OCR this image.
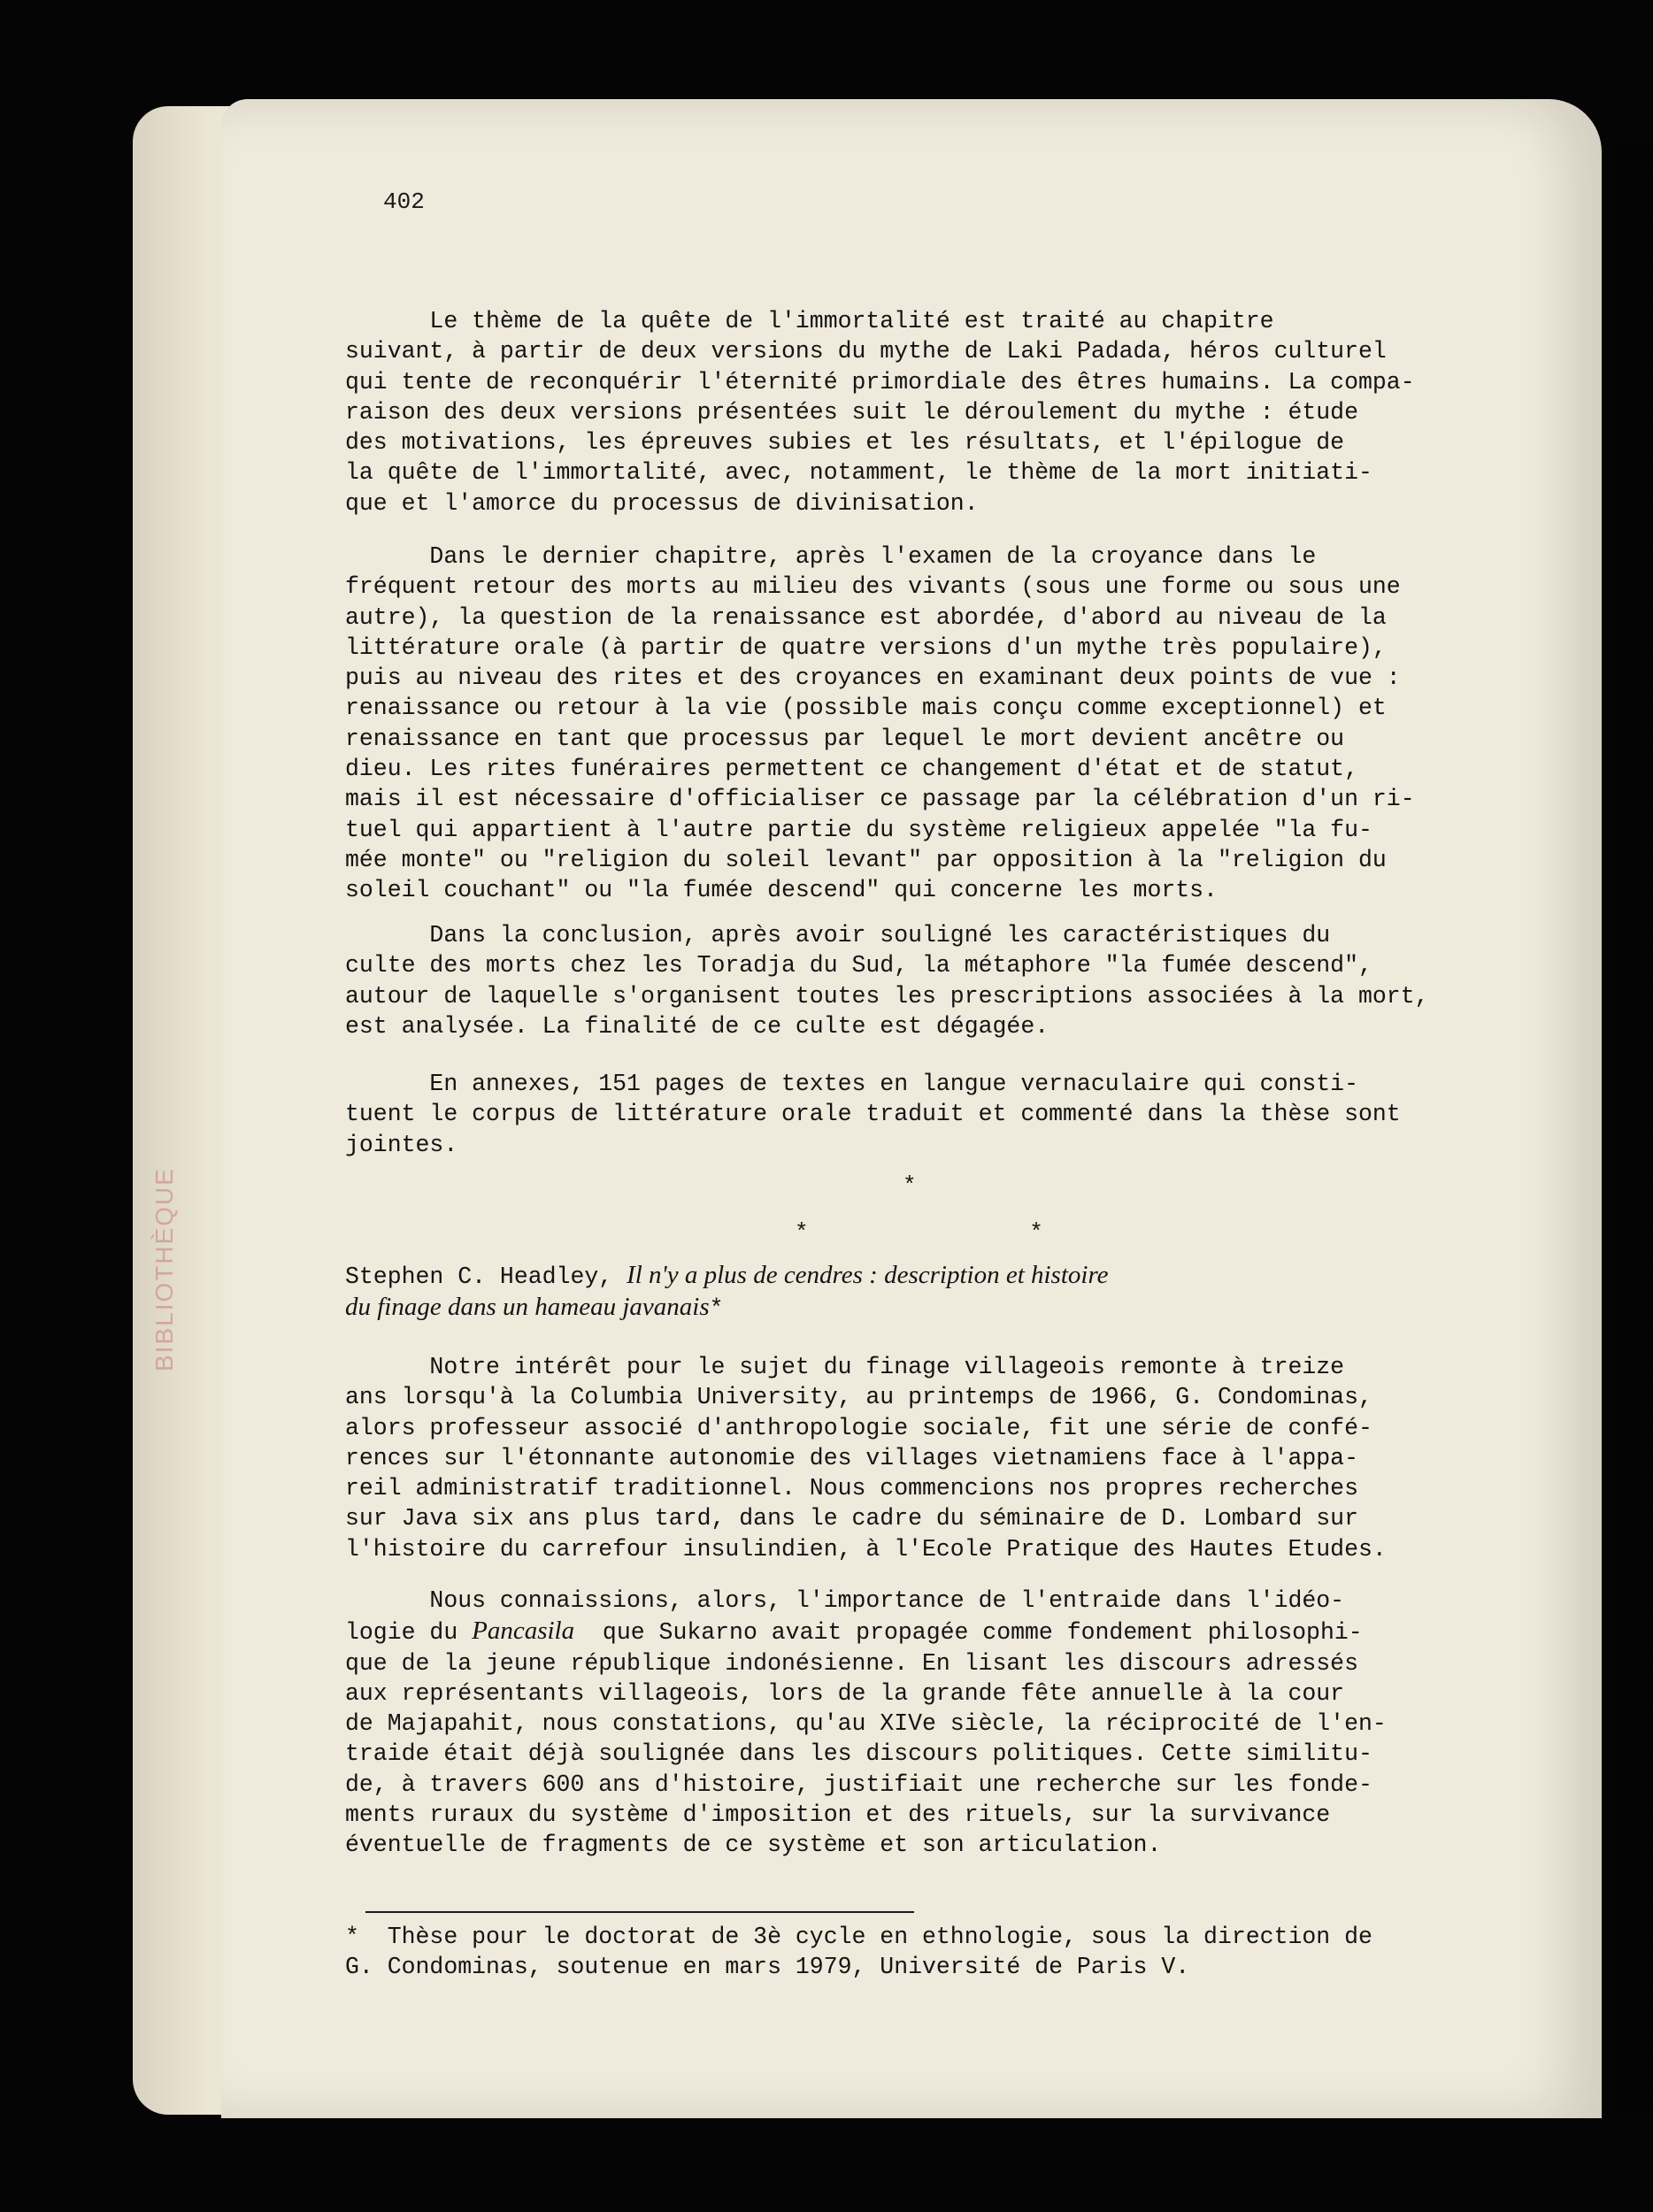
BIBLIOTHÈQUE
402
Le thème de la quête de l'immortalité est traité au chapitre
suivant, à partir de deux versions du mythe de Laki Padada, héros culturel
qui tente de reconquérir l'éternité primordiale des êtres humains. La compa-
raison des deux versions présentées suit le déroulement du mythe : étude
des motivations, les épreuves subies et les résultats, et l'épilogue de
la quête de l'immortalité, avec, notamment, le thème de la mort initiati-
que et l'amorce du processus de divinisation.
Dans le dernier chapitre, après l'examen de la croyance dans le
fréquent retour des morts au milieu des vivants (sous une forme ou sous une
autre), la question de la renaissance est abordée, d'abord au niveau de la
littérature orale (à partir de quatre versions d'un mythe très populaire),
puis au niveau des rites et des croyances en examinant deux points de vue :
renaissance ou retour à la vie (possible mais conçu comme exceptionnel) et
renaissance en tant que processus par lequel le mort devient ancêtre ou
dieu. Les rites funéraires permettent ce changement d'état et de statut,
mais il est nécessaire d'officialiser ce passage par la célébration d'un ri-
tuel qui appartient à l'autre partie du système religieux appelée "la fu-
mée monte" ou "religion du soleil levant" par opposition à la "religion du
soleil couchant" ou "la fumée descend" qui concerne les morts.
Dans la conclusion, après avoir souligné les caractéristiques du
culte des morts chez les Toradja du Sud, la métaphore "la fumée descend",
autour de laquelle s'organisent toutes les prescriptions associées à la mort,
est analysée. La finalité de ce culte est dégagée.
En annexes, 151 pages de textes en langue vernaculaire qui consti-
tuent le corpus de littérature orale traduit et commenté dans la thèse sont
jointes.
*
*                *
Stephen C. Headley, Il n'y a plus de cendres : description et histoire
du finage dans un hameau javanais*
Notre intérêt pour le sujet du finage villageois remonte à treize
ans lorsqu'à la Columbia University, au printemps de 1966, G. Condominas,
alors professeur associé d'anthropologie sociale, fit une série de confé-
rences sur l'étonnante autonomie des villages vietnamiens face à l'appa-
reil administratif traditionnel. Nous commencions nos propres recherches
sur Java six ans plus tard, dans le cadre du séminaire de D. Lombard sur
l'histoire du carrefour insulindien, à l'Ecole Pratique des Hautes Etudes.
Nous connaissions, alors, l'importance de l'entraide dans l'idéo-
logie du Pancasila  que Sukarno avait propagée comme fondement philosophi-
que de la jeune république indonésienne. En lisant les discours adressés
aux représentants villageois, lors de la grande fête annuelle à la cour
de Majapahit, nous constations, qu'au XIVe siècle, la réciprocité de l'en-
traide était déjà soulignée dans les discours politiques. Cette similitu-
de, à travers 600 ans d'histoire, justifiait une recherche sur les fonde-
ments ruraux du système d'imposition et des rituels, sur la survivance
éventuelle de fragments de ce système et son articulation.
*  Thèse pour le doctorat de 3è cycle en ethnologie, sous la direction de
G. Condominas, soutenue en mars 1979, Université de Paris V.
